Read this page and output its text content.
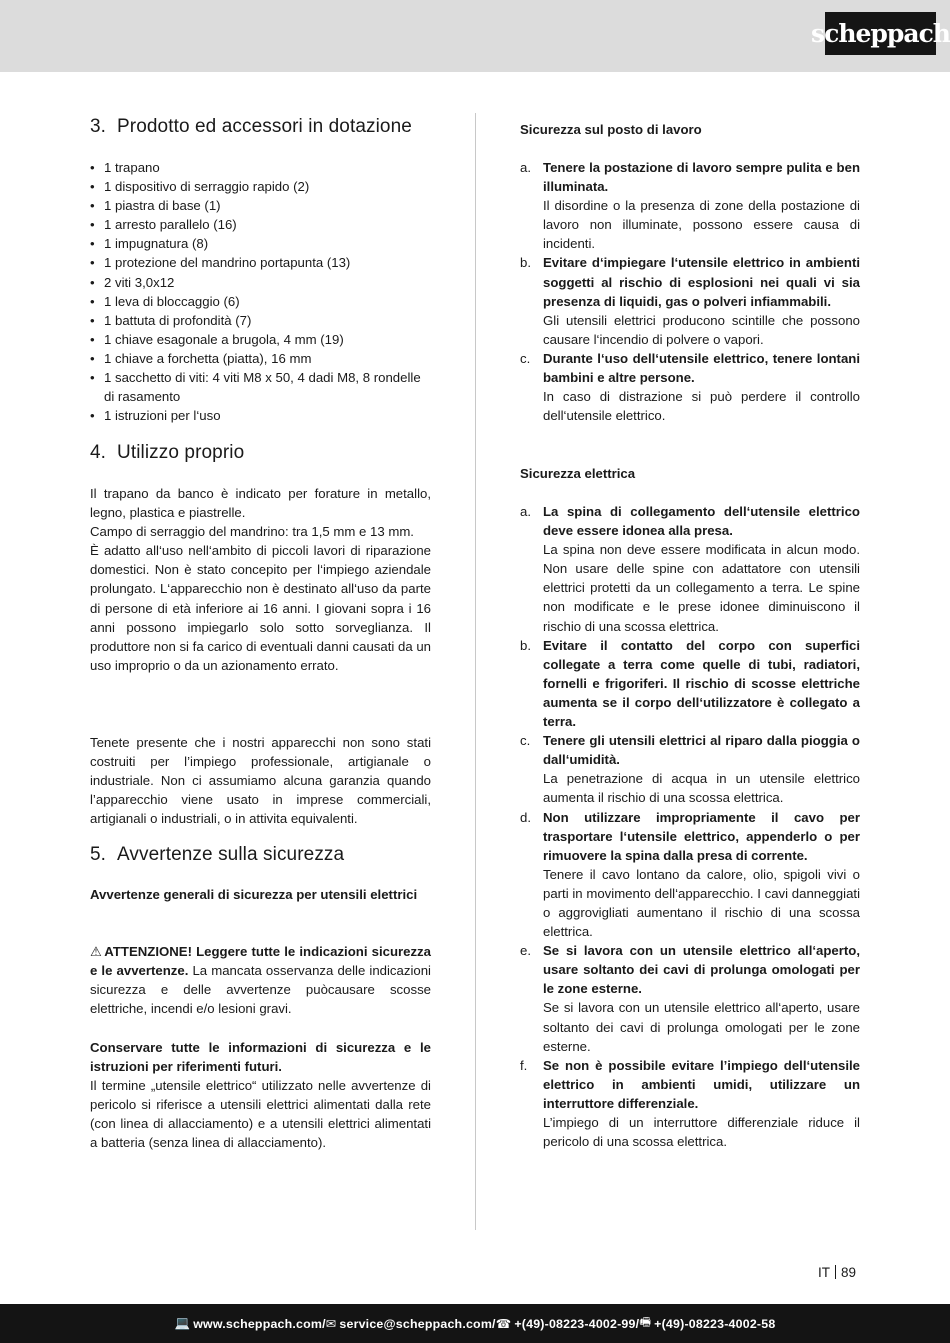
scheppach
3. Prodotto ed accessori in dotazione
• 1 trapano
• 1 dispositivo di serraggio rapido (2)
• 1 piastra di base (1)
• 1 arresto parallelo (16)
• 1 impugnatura (8)
• 1 protezione del mandrino portapunta (13)
• 2 viti 3,0x12
• 1 leva di bloccaggio (6)
• 1 battuta di profondità (7)
• 1 chiave esagonale a brugola, 4 mm (19)
• 1 chiave a forchetta (piatta), 16 mm
• 1 sacchetto di viti: 4 viti M8 x 50, 4 dadi M8, 8 rondelle di rasamento
• 1 istruzioni per l‘uso
4. Utilizzo proprio

Il trapano da banco è indicato per forature in metallo, legno, plastica e piastrelle.

Campo di serraggio del mandrino: tra 1,5 mm e 13 mm.

È adatto all‘uso nell‘ambito di piccoli lavori di riparazione domestici. Non è stato concepito per l‘impiego aziendale prolungato. L‘apparecchio non è destinato all‘uso da parte di persone di età inferiore ai 16 anni. I giovani sopra i 16 anni possono impiegarlo solo sotto sorveglianza. Il produttore non si fa carico di eventuali danni causati da un uso improprio o da un azionamento errato.

Tenete presente che i nostri apparecchi non sono stati costruiti per l’impiego professionale, artigianale o industriale. Non ci assumiamo alcuna garanzia quando l’apparecchio viene usato in imprese commerciali, artigianali o industriali, o in attivita equivalenti.

5. Avvertenze sulla sicurezza

Avvertenze generali di sicurezza per utensili elettrici

⚠ ATTENZIONE! Leggere tutte le indicazioni sicurezza e le avvertenze. La mancata osservanza delle indicazioni sicurezza e delle avvertenze puòcausare scosse elettriche, incendi e/o lesioni gravi.

Conservare tutte le informazioni di sicurezza e le istruzioni per riferimenti futuri.

Il termine „utensile elettrico“ utilizzato nelle avvertenze di pericolo si riferisce a utensili elettrici alimentati dalla rete (con linea di allacciamento) e a utensili elettrici alimentati a batteria (senza linea di allacciamento).

Sicurezza sul posto di lavoro

a. Tenere la postazione di lavoro sempre pulita e ben illuminata.
Il disordine o la presenza di zone della postazione di lavoro non illuminate, possono essere causa di incidenti.
b. Evitare d‘impiegare l‘utensile elettrico in ambienti soggetti al rischio di esplosioni nei quali vi sia presenza di liquidi, gas o polveri infiammabili.
Gli utensili elettrici producono scintille che possono causare l‘incendio di polvere o vapori.
c. Durante l‘uso dell‘utensile elettrico, tenere lontani bambini e altre persone.
In caso di distrazione si può perdere il controllo dell‘utensile elettrico.

Sicurezza elettrica

a. La spina di collegamento dell‘utensile elettrico deve essere idonea alla presa.
La spina non deve essere modificata in alcun modo. Non usare delle spine con adattatore con utensili elettrici protetti da un collegamento a terra. Le spine non modificate e le prese idonee diminuiscono il rischio di una scossa elettrica.
b. Evitare il contatto del corpo con superfici collegate a terra come quelle di tubi, radiatori, fornelli e frigoriferi. Il rischio di scosse elettriche aumenta se il corpo dell‘utilizzatore è collegato a terra.
c. Tenere gli utensili elettrici al riparo dalla pioggia o dall‘umidità.
La penetrazione di acqua in un utensile elettrico aumenta il rischio di una scossa elettrica.
d. Non utilizzare impropriamente il cavo per trasportare l‘utensile elettrico, appenderlo o per rimuovere la spina dalla presa di corrente.
Tenere il cavo lontano da calore, olio, spigoli vivi o parti in movimento dell‘apparecchio. I cavi danneggiati o aggrovigliati aumentano il rischio di una scossa elettrica.
e. Se si lavora con un utensile elettrico all‘aperto, usare soltanto dei cavi di prolunga omologati per le zone esterne.
Se si lavora con un utensile elettrico all‘aperto, usare soltanto dei cavi di prolunga omologati per le zone esterne.
f. Se non è possibile evitare l’impiego dell‘utensile elettrico in ambienti umidi, utilizzare un interruttore differenziale.
L’impiego di un interruttore differenziale riduce il pericolo di una scossa elettrica.
IT 89
💻 www.scheppach.com / ✉ service@scheppach.com / ☎ +(49)-08223-4002-99 / 🖷 +(49)-08223-4002-58
